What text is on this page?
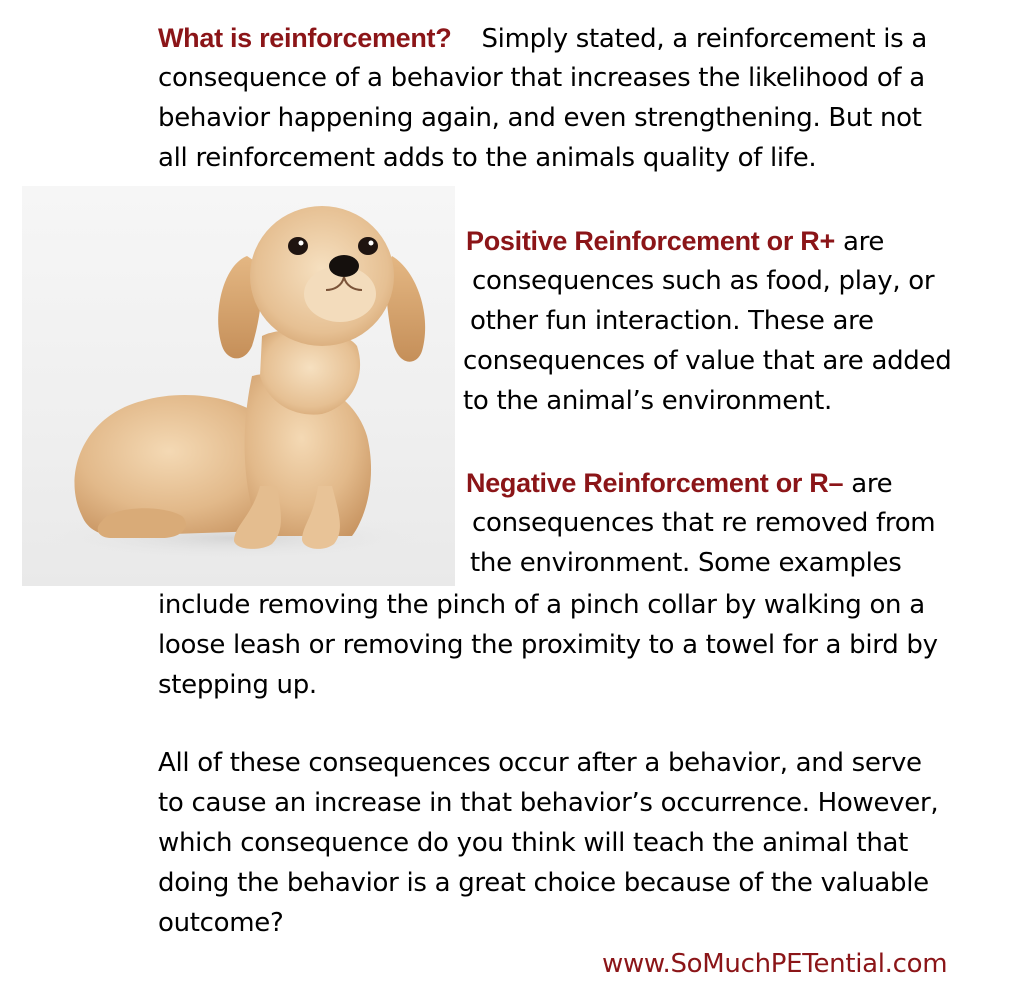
What is reinforcement? Simply stated, a reinforcement is a
consequence of a behavior that increases the likelihood of a
behavior happening again, and even strengthening. But not
all reinforcement adds to the animals quality of life.
Positive Reinforcement or R+ are
consequences such as food, play, or
other fun interaction. These are
consequences of value that are added
to the animal’s environment.
Negative Reinforcement or R– are
consequences that re removed from
the environment. Some examples
include removing the pinch of a pinch collar by walking on a
loose leash or removing the proximity to a towel for a bird by
stepping up.
All of these consequences occur after a behavior, and serve
to cause an increase in that behavior’s occurrence. However,
which consequence do you think will teach the animal that
doing the behavior is a great choice because of the valuable
outcome?
www.SoMuchPETential.com
